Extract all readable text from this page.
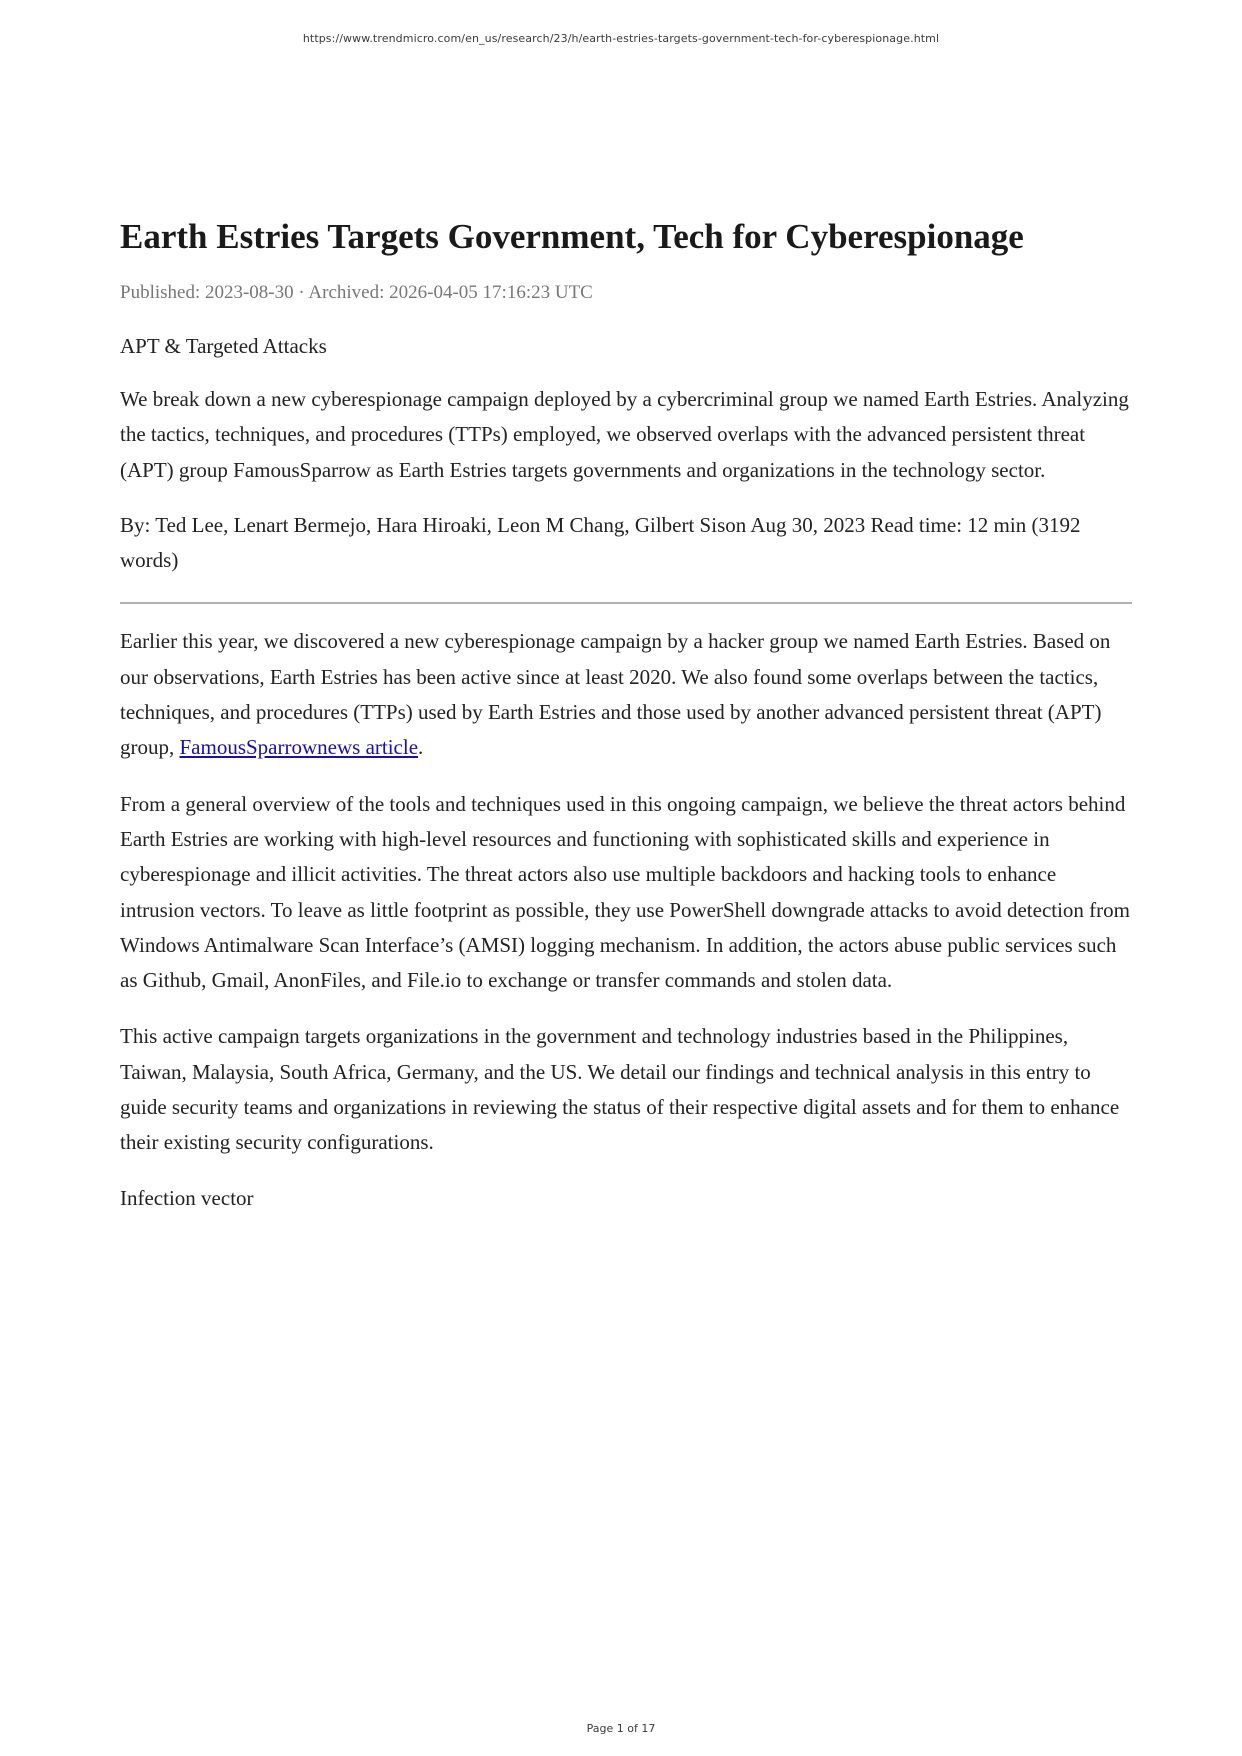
https://www.trendmicro.com/en_us/research/23/h/earth-estries-targets-government-tech-for-cyberespionage.html
Earth Estries Targets Government, Tech for Cyberespionage
Published: 2023-08-30 · Archived: 2026-04-05 17:16:23 UTC
APT & Targeted Attacks

We break down a new cyberespionage campaign deployed by a cybercriminal group we named Earth Estries. Analyzing the tactics, techniques, and procedures (TTPs) employed, we observed overlaps with the advanced persistent threat (APT) group FamousSparrow as Earth Estries targets governments and organizations in the technology sector.

By: Ted Lee, Lenart Bermejo, Hara Hiroaki, Leon M Chang, Gilbert Sison Aug 30, 2023 Read time: 12 min (3192 words)

Earlier this year, we discovered a new cyberespionage campaign by a hacker group we named Earth Estries. Based on our observations, Earth Estries has been active since at least 2020. We also found some overlaps between the tactics, techniques, and procedures (TTPs) used by Earth Estries and those used by another advanced persistent threat (APT) group, FamousSparrownews article.

From a general overview of the tools and techniques used in this ongoing campaign, we believe the threat actors behind Earth Estries are working with high-level resources and functioning with sophisticated skills and experience in cyberespionage and illicit activities. The threat actors also use multiple backdoors and hacking tools to enhance intrusion vectors. To leave as little footprint as possible, they use PowerShell downgrade attacks to avoid detection from Windows Antimalware Scan Interface’s (AMSI) logging mechanism. In addition, the actors abuse public services such as Github, Gmail, AnonFiles, and File.io to exchange or transfer commands and stolen data.

This active campaign targets organizations in the government and technology industries based in the Philippines, Taiwan, Malaysia, South Africa, Germany, and the US. We detail our findings and technical analysis in this entry to guide security teams and organizations in reviewing the status of their respective digital assets and for them to enhance their existing security configurations.

Infection vector
Page 1 of 17
